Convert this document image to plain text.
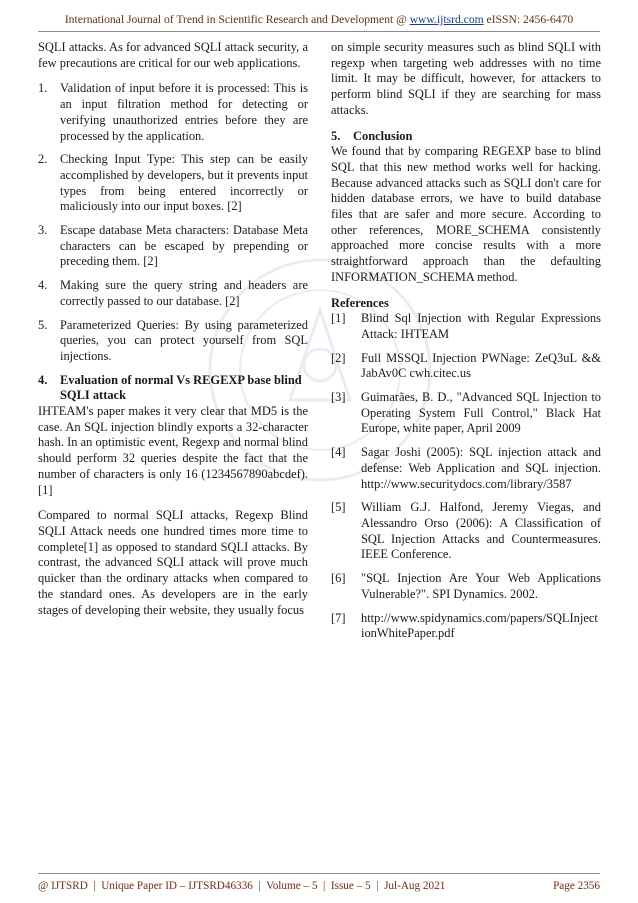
International Journal of Trend in Scientific Research and Development @ www.ijtsrd.com eISSN: 2456-6470

SQLI attacks. As for advanced SQLI attack security, a few precautions are critical for our web applications.

1. Validation of input before it is processed: This is an input filtration method for detecting or verifying unauthorized entries before they are processed by the application.
2. Checking Input Type: This step can be easily accomplished by developers, but it prevents input types from being entered incorrectly or maliciously into our input boxes. [2]
3. Escape database Meta characters: Database Meta characters can be escaped by prepending or preceding them. [2]
4. Making sure the query string and headers are correctly passed to our database. [2]
5. Parameterized Queries: By using parameterized queries, you can protect yourself from SQL injections.
4. Evaluation of normal Vs REGEXP base blind SQLI attack

IHTEAM's paper makes it very clear that MD5 is the case. An SQL injection blindly exports a 32-character hash. In an optimistic event, Regexp and normal blind should perform 32 queries despite the fact that the number of characters is only 16 (1234567890abcdef). [1]

Compared to normal SQLI attacks, Regexp Blind SQLI Attack needs one hundred times more time to complete[1] as opposed to standard SQLI attacks. By contrast, the advanced SQLI attack will prove much quicker than the ordinary attacks when compared to the standard ones. As developers are in the early stages of developing their website, they usually focus

on simple security measures such as blind SQLI with regexp when targeting web addresses with no time limit. It may be difficult, however, for attackers to perform blind SQLI if they are searching for mass attacks.

5. Conclusion

We found that by comparing REGEXP base to blind SQL that this new method works well for hacking. Because advanced attacks such as SQLI don't care for hidden database errors, we have to build database files that are safer and more secure. According to other references, MORE_SCHEMA consistently approached more concise results with a more straightforward approach than the defaulting INFORMATION_SCHEMA method.

References
[1] Blind Sql Injection with Regular Expressions Attack: IHTEAM
[2] Full MSSQL Injection PWNage: ZeQ3uL && JabAv0C cwh.citec.us
[3] Guimarães, B. D., "Advanced SQL Injection to Operating System Full Control," Black Hat Europe, white paper, April 2009
[4] Sagar Joshi (2005): SQL injection attack and defense: Web Application and SQL injection. http://www.securitydocs.com/library/3587
[5] William G.J. Halfond, Jeremy Viegas, and Alessandro Orso (2006): A Classification of SQL Injection Attacks and Countermeasures. IEEE Conference.
[6] "SQL Injection Are Your Web Applications Vulnerable?". SPI Dynamics. 2002.
[7] http://www.spidynamics.com/papers/SQLInjectionWhitePaper.pdf
@ IJTSRD  |  Unique Paper ID – IJTSRD46336  |  Volume – 5  |  Issue – 5  |  Jul-Aug 2021	Page 2356
